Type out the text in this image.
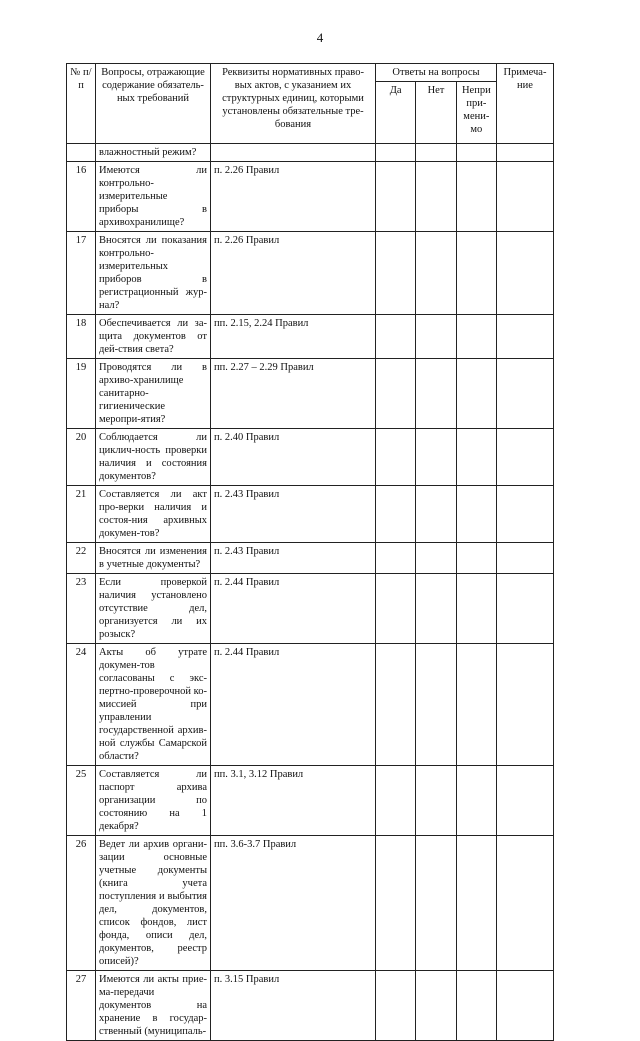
4
№ п/п	Вопросы, отражающие содержание обязатель-ных требований	Реквизиты нормативных право-вых актов, с указанием их структурных единиц, которыми установлены обязательные тре-бования	Ответы на вопросы			Примеча-ние
			Да	Нет	Непри при-мени-мо	
	влажностный режим?					
16	Имеются ли контрольно-измерительные приборы в архивохранилище?	п. 2.26 Правил				
17	Вносятся ли показания контрольно-измерительных приборов в регистрационный жур-нал?	п. 2.26 Правил				
18	Обеспечивается ли за-щита документов от дей-ствия света?	пп. 2.15, 2.24 Правил				
19	Проводятся ли в архиво-хранилище санитарно-гигиенические меропри-ятия?	пп. 2.27 – 2.29 Правил				
20	Соблюдается ли циклич-ность проверки наличия и состояния документов?	п. 2.40 Правил				
21	Составляется ли акт про-верки наличия и состоя-ния архивных докумен-тов?	п. 2.43 Правил				
22	Вносятся ли изменения в учетные документы?	п. 2.43 Правил				
23	Если проверкой наличия установлено отсутствие дел, организуется ли их розыск?	п. 2.44 Правил				
24	Акты об утрате докумен-тов согласованы с экс-пертно-проверочной ко-миссией при управлении государственной архив-ной службы Самарской области?	п. 2.44 Правил				
25	Составляется ли паспорт архива организации по состоянию на 1 декабря?	пп. 3.1, 3.12 Правил				
26	Ведет ли архив органи-зации основные учетные документы (книга учета поступления и выбытия дел, документов, список фондов, лист фонда, описи дел, документов, реестр описей)?	пп. 3.6-3.7 Правил				
27	Имеются ли акты прие-ма-передачи документов на хранение в государ-ственный (муниципаль-	п. 3.15 Правил				
